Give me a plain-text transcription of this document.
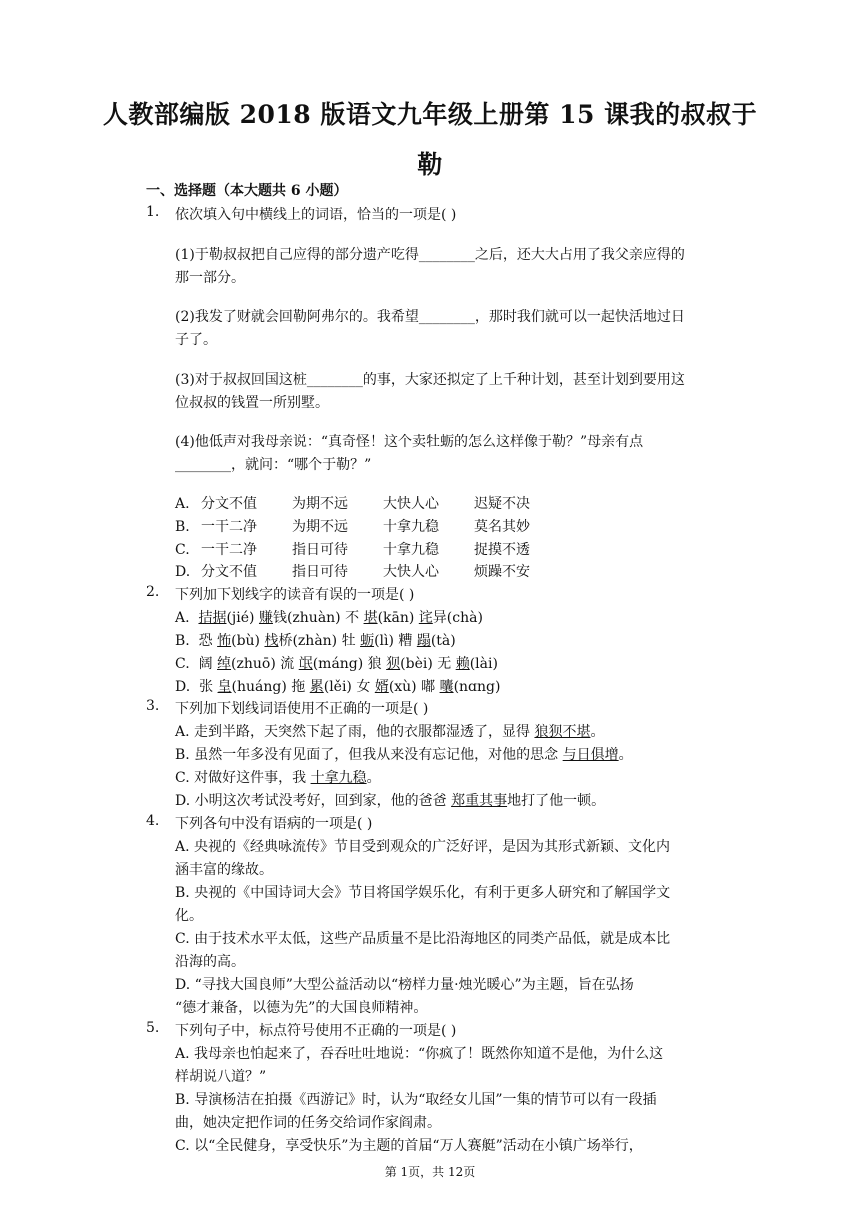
人教部编版 2018 版语文九年级上册第 15 课我的叔叔于
勒
一、选择题（本大题共 6 小题）
1. 依次填入句中横线上的词语，恰当的一项是( )
(1)于勒叔叔把自己应得的部分遗产吃得________之后，还大大占用了我父亲应得的
那一部分。
(2)我发了财就会回勒阿弗尔的。我希望________，那时我们就可以一起快活地过日
子了。
(3)对于叔叔回国这桩________的事，大家还拟定了上千种计划，甚至计划到要用这
位叔叔的钱置一所别墅。
(4)他低声对我母亲说：“真奇怪！这个卖牡蛎的怎么这样像于勒？”母亲有点
________，就问：“哪个于勒？”
A. 分文不值	为期不远	大快人心	迟疑不决
B. 一干二净	为期不远	十拿九稳	莫名其妙
C. 一干二净	指日可待	十拿九稳	捉摸不透
D. 分文不值	指日可待	大快人心	烦躁不安
2. 下列加下划线字的读音有误的一项是( )
A. 拮据(jié) 赚钱(zhuàn) 不 堪(kān) 诧异(chà)
B. 恐 怖(bù) 栈桥(zhàn) 牡 蛎(lì) 糟 蹋(tà)
C. 阔 绰(zhuō) 流 氓(máng) 狼 狈(bèi) 无 赖(lài)
D. 张 皇(huáng) 拖 累(lěi) 女 婿(xù) 嘟 囔(nɑng)
3. 下列加下划线词语使用不正确的一项是( )
A. 走到半路，天突然下起了雨，他的衣服都湿透了，显得 狼狈不堪。
B. 虽然一年多没有见面了，但我从来没有忘记他，对他的思念 与日俱增。
C. 对做好这件事，我 十拿九稳。
D. 小明这次考试没考好，回到家，他的爸爸 郑重其事地打了他一顿。
4. 下列各句中没有语病的一项是( )
A. 央视的《经典咏流传》节目受到观众的广泛好评，是因为其形式新颖、文化内
涵丰富的缘故。
B. 央视的《中国诗词大会》节目将国学娱乐化，有利于更多人研究和了解国学文
化。
C. 由于技术水平太低，这些产品质量不是比沿海地区的同类产品低，就是成本比
沿海的高。
D. “寻找大国良师”大型公益活动以“榜样力量·烛光暖心”为主题，旨在弘扬
“德才兼备，以德为先”的大国良师精神。
5. 下列句子中，标点符号使用不正确的一项是( )
A. 我母亲也怕起来了，吞吞吐吐地说：“你疯了！既然你知道不是他，为什么这
样胡说八道？”
B. 导演杨洁在拍摄《西游记》时，认为“取经女儿国”一集的情节可以有一段插
曲，她决定把作词的任务交给词作家阎肃。
C. 以“全民健身，享受快乐”为主题的首届“万人赛艇”活动在小镇广场举行，
第 1页，共 12页
